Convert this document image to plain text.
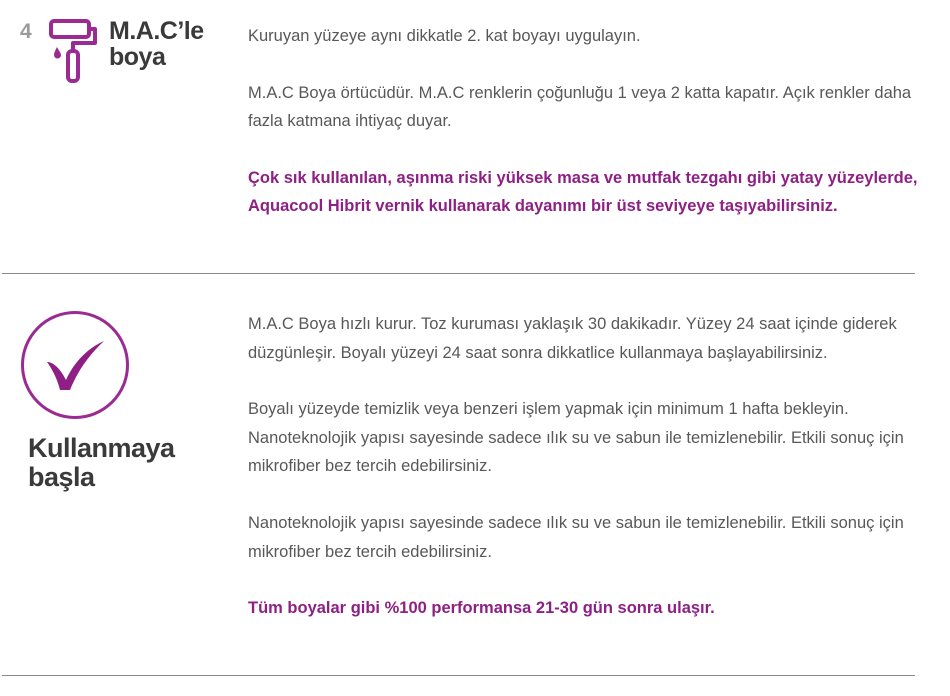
4	M.A.C’le
boya

Kuruyan yüzeye aynı dikkatle 2. kat boyayı uygulayın.

M.A.C Boya örtücüdür. M.A.C renklerin çoğunluğu 1 veya 2 katta kapatır. Açık renkler daha fazla katmana ihtiyaç duyar.

Çok sık kullanılan, aşınma riski yüksek masa ve mutfak tezgahı gibi yatay yüzeylerde, Aquacool Hibrit vernik kullanarak dayanımı bir üst seviyeye taşıyabilirsiniz.

Kullanmaya
başla

M.A.C Boya hızlı kurur. Toz kuruması yaklaşık 30 dakikadır. Yüzey 24 saat içinde giderek düzgünleşir. Boyalı yüzeyi 24 saat sonra dikkatlice kullanmaya başlayabilirsiniz.

Boyalı yüzeyde temizlik veya benzeri işlem yapmak için minimum 1 hafta bekleyin. Nanoteknolojik yapısı sayesinde sadece ılık su ve sabun ile temizlenebilir. Etkili sonuç için mikrofiber bez tercih edebilirsiniz.

Nanoteknolojik yapısı sayesinde sadece ılık su ve sabun ile temizlenebilir. Etkili sonuç için mikrofiber bez tercih edebilirsiniz.

Tüm boyalar gibi %100 performansa 21-30 gün sonra ulaşır.
